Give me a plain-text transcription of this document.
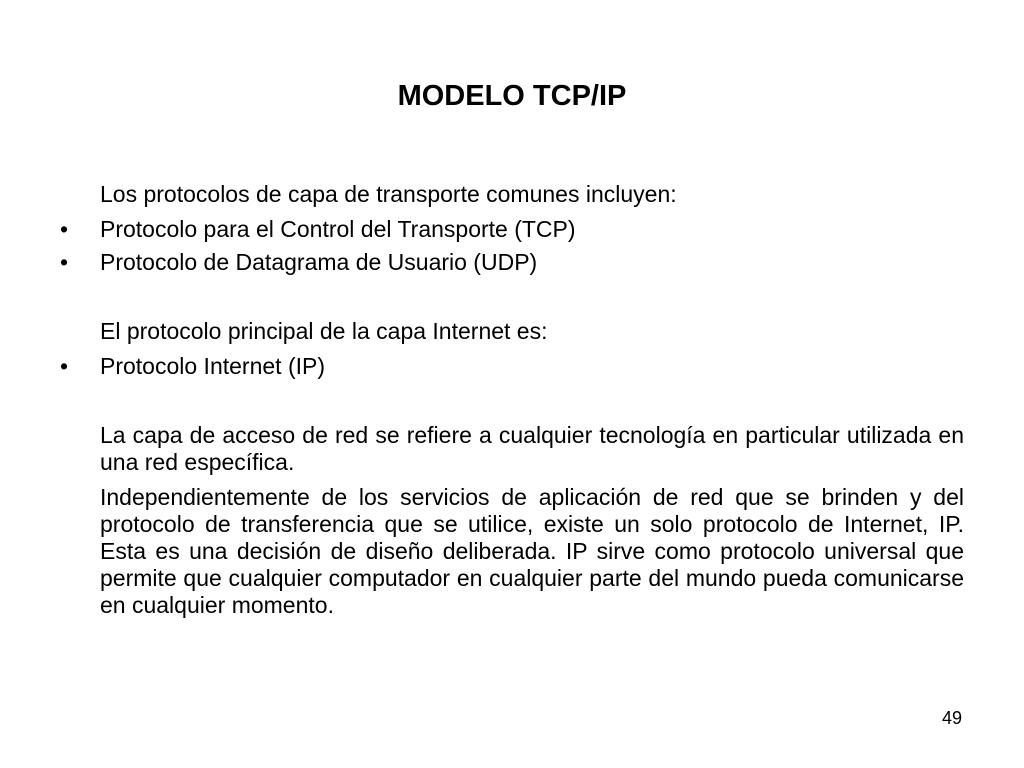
MODELO TCP/IP

Los protocolos de capa de transporte comunes incluyen:

• Protocolo para el Control del Transporte (TCP)
• Protocolo de Datagrama de Usuario (UDP)

El protocolo principal de la capa Internet es:

• Protocolo Internet (IP)

La capa de acceso de red se refiere a cualquier tecnología en particular utilizada en una red específica.

Independientemente de los servicios de aplicación de red que se brinden y del protocolo de transferencia que se utilice, existe un solo protocolo de Internet, IP. Esta es una decisión de diseño deliberada. IP sirve como protocolo universal que permite que cualquier computador en cualquier parte del mundo pueda comunicarse en cualquier momento.

49
